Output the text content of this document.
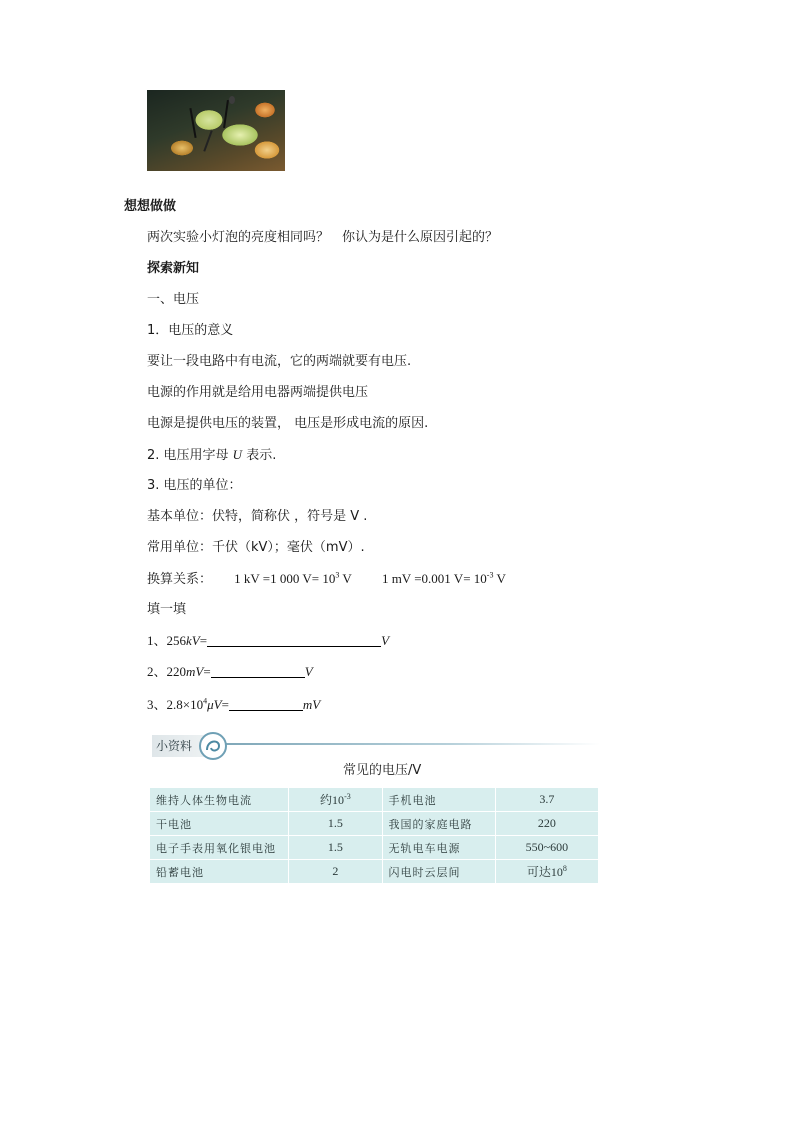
想想做做
两次实验小灯泡的亮度相同吗？　你认为是什么原因引起的？
探索新知
一、电压
1．电压的意义
要让一段电路中有电流，它的两端就要有电压.
电源的作用就是给用电器两端提供电压
电源是提供电压的装置， 电压是形成电流的原因.
2. 电压用字母 U 表示.
3. 电压的单位：
基本单位：伏特，简称伏 ，符号是 V .
常用单位：千伏（kV）；毫伏（mV）.
换算关系： 1 kV =1 000 $V= 10^3$ V 1 mV =0.001 $V= 10^{-3}$ V
填一填
1、256kV=	V
2、220mV=	V
3、$2.8\times 10^4\mu V=$	mV
小资料
常见的电压/V
维持人体生物电流	约$10^{-3}$	手机电池	3.7
干电池	1.5	我国的家庭电路	220
电子手表用氧化银电池	1.5	无轨电车电源	550~600
铅蓄电池	2	闪电时云层间	可达$10^8$
